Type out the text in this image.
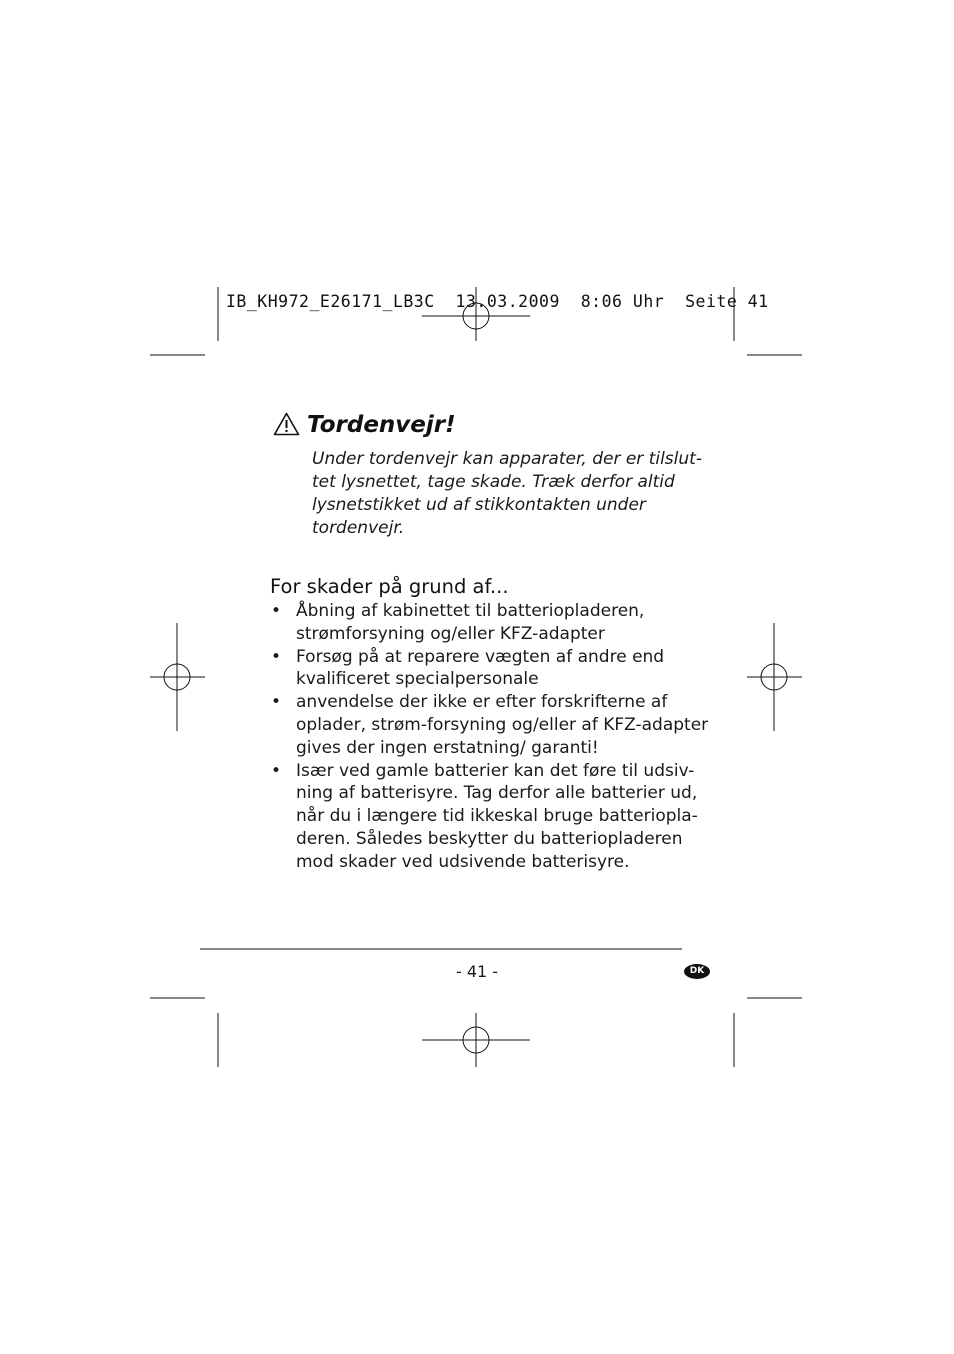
IB_KH972_E26171_LB3C  13.03.2009  8:06 Uhr  Seite 41
Tordenvejr!

Under tordenvejr kan apparater, der er tilslut-
tet lysnettet, tage skade. Træk derfor altid
lysnetstikket ud af stikkontakten under
tordenvejr.

For skader på grund af...
• Åbning af kabinettet til batteriopladeren,
strømforsyning og/eller KFZ-adapter
• Forsøg på at reparere vægten af andre end
kvalificeret specialpersonale
• anvendelse der ikke er efter forskrifterne af
oplader, strøm-forsyning og/eller af KFZ-adapter
gives der ingen erstatning/ garanti!
• Især ved gamle batterier kan det føre til udsiv-
ning af batterisyre. Tag derfor alle batterier ud,
når du i længere tid ikkeskal bruge batteriopla-
deren. Således beskytter du batteriopladeren
mod skader ved udsivende batterisyre.
- 41 -	DK
